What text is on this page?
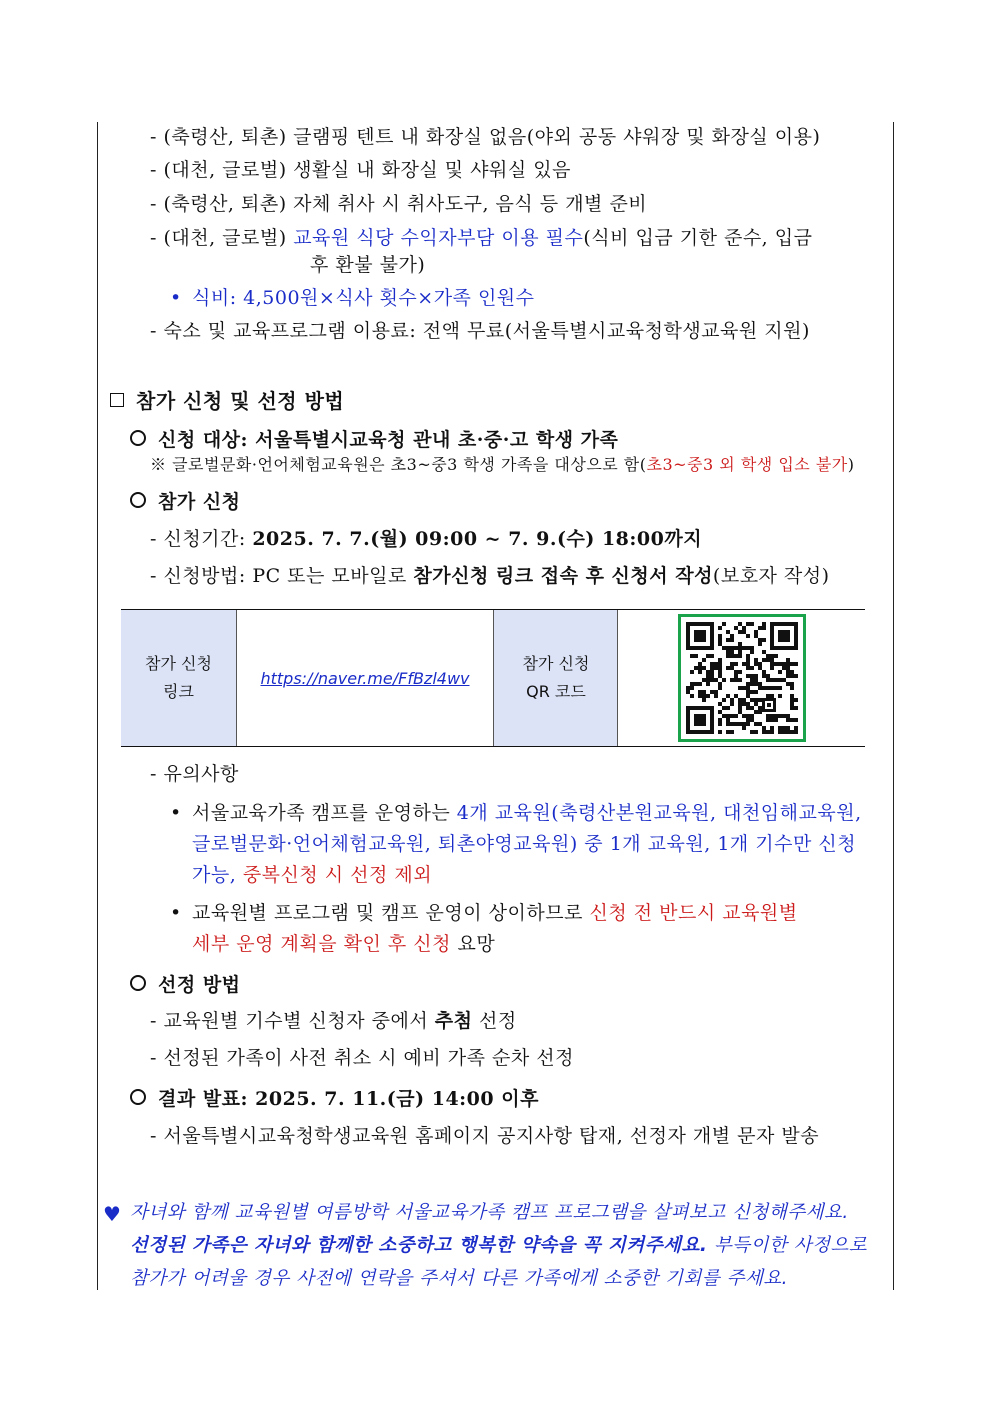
- (축령산, 퇴촌) 글램핑 텐트 내 화장실 없음(야외 공동 샤워장 및 화장실 이용)
- (대천, 글로벌) 생활실 내 화장실 및 샤워실 있음
- (축령산, 퇴촌) 자체 취사 시 취사도구, 음식 등 개별 준비
- (대천, 글로벌) 교육원 식당 수익자부담 이용 필수(식비 입금 기한 준수, 입금
후 환불 불가)
• 식비: 4,500원×식사 횟수×가족 인원수
- 숙소 및 교육프로그램 이용료: 전액 무료(서울특별시교육청학생교육원 지원)
참가 신청 및 선정 방법
신청 대상: 서울특별시교육청 관내 초·중·고 학생 가족
※ 글로벌문화·언어체험교육원은 초3~중3 학생 가족을 대상으로 함(초3~중3 외 학생 입소 불가)
참가 신청
- 신청기간: 2025. 7. 7.(월) 09:00 ~ 7. 9.(수) 18:00까지
- 신청방법: PC 또는 모바일로 참가신청 링크 접속 후 신청서 작성(보호자 작성)
참가 신청
링크
https://naver.me/FfBzl4wv
참가 신청
QR 코드
- 유의사항
• 서울교육가족 캠프를 운영하는 4개 교육원(축령산본원교육원, 대천임해교육원,
글로벌문화·언어체험교육원, 퇴촌야영교육원) 중 1개 교육원, 1개 기수만 신청
가능, 중복신청 시 선정 제외
• 교육원별 프로그램 및 캠프 운영이 상이하므로 신청 전 반드시 교육원별
세부 운영 계획을 확인 후 신청 요망
선정 방법
- 교육원별 기수별 신청자 중에서 추첨 선정
- 선정된 가족이 사전 취소 시 예비 가족 순차 선정
결과 발표: 2025. 7. 11.(금) 14:00 이후
- 서울특별시교육청학생교육원 홈페이지 공지사항 탑재, 선정자 개별 문자 발송
♥ 자녀와 함께 교육원별 여름방학 서울교육가족 캠프 프로그램을 살펴보고 신청해주세요.
선정된 가족은 자녀와 함께한 소중하고 행복한 약속을 꼭 지켜주세요. 부득이한 사정으로
참가가 어려울 경우 사전에 연락을 주셔서 다른 가족에게 소중한 기회를 주세요.
